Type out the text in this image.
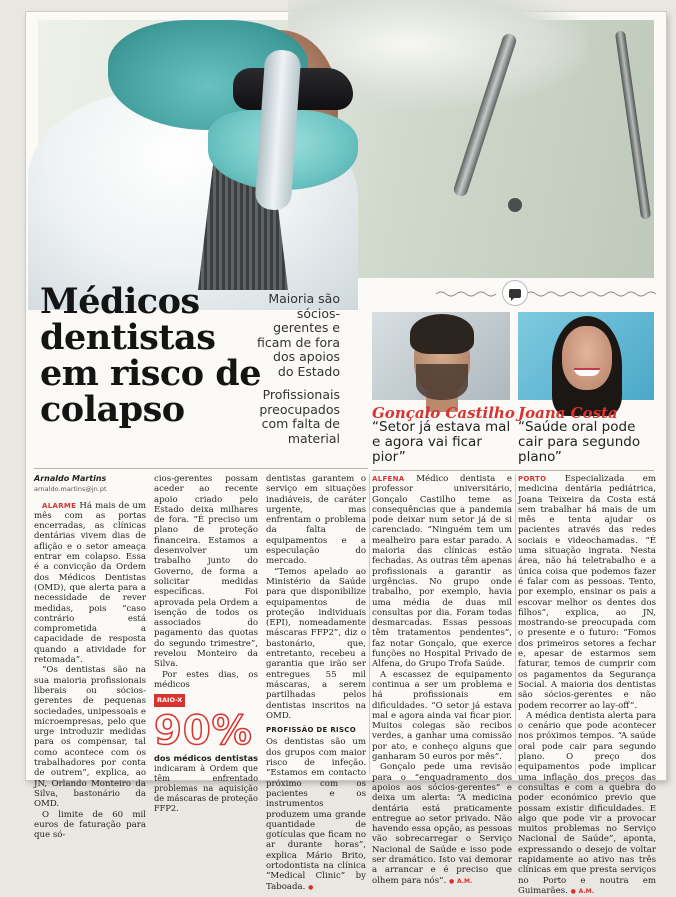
Médicos dentistas em risco de colapso
Maioria são sócios-gerentes e ficam de fora dos apoios do Estado
Profissionais preocupados com falta de material
Gonçalo Castilho
“Setor já estava mal e agora vai ficar pior”
Joana Costa
“Saúde oral pode cair para segundo plano”
Arnaldo Martins
arnaldo.martins@jn.pt

ALARME Há mais de um mês com as portas encerradas, as clínicas dentárias vivem dias de aflição e o setor ameaça entrar em colapso. Essa é a convicção da Ordem dos Médicos Dentistas (OMD), que alerta para a necessidade de rever medidas, pois “caso contrário está comprometida a capacidade de resposta quando a atividade for retomada”.

“Os dentistas são na sua maioria profissionais liberais ou sócios-gerentes de pequenas sociedades, unipessoais e microempresas, pelo que urge introduzir medidas para os compensar, tal como acontece com os trabalhadores por conta de outrem”, explica, ao JN, Orlando Monteiro da Silva, bastonário da OMD.

O limite de 60 mil euros de faturação para que só-

cios-gerentes possam aceder ao recente apoio criado pelo Estado deixa milhares de fora. “É preciso um plano de proteção financeira. Estamos a desenvolver um trabalho junto do Governo, de forma a solicitar medidas específicas. Foi aprovada pela Ordem a isenção de todos os associados do pagamento das quotas do segundo trimestre”, revelou Monteiro da Silva.

Por estes dias, os médicos

RAIO-X
90%
dos médicos dentistas indicaram à Ordem que têm enfrentado problemas na aquisição de máscaras de proteção FFP2.

dentistas garantem o serviço em situações inadiáveis, de caráter urgente, mas enfrentam o problema da falta de equipamentos e a especulação do mercado.

“Temos apelado ao Ministério da Saúde para que disponibilize equipamentos de proteção individuais (EPI), nomeadamente máscaras FFP2”, diz o bastonário, que, entretanto, recebeu a garantia que irão ser entregues 55 mil máscaras, a serem partilhadas pelos dentistas inscritos na OMD.

PROFISSÃO DE RISCO

Os dentistas são um dos grupos com maior risco de infeção. “Estamos em contacto próximo com os pacientes e os instrumentos produzem uma grande quantidade de gotículas que ficam no ar durante horas”, explica Mário Brito, ortodontista na clínica “Medical Clinic” by Taboada. ●

ALFENA Médico dentista e professor universitário, Gonçalo Castilho teme as consequências que a pandemia pode deixar num setor já de si carenciado. “Ninguém tem um mealheiro para estar parado. A maioria das clínicas estão fechadas. As outras têm apenas profissionais a garantir as urgências. No grupo onde trabalho, por exemplo, havia uma média de duas mil consultas por dia. Foram todas desmarcadas. Essas pessoas têm tratamentos pendentes”, faz notar Gonçalo, que exerce funções no Hospital Privado de Alfena, do Grupo Trofa Saúde.

A escassez de equipamento continua a ser um problema e há profissionais em dificuldades. “O setor já estava mal e agora ainda vai ficar pior. Muitos colegas são recibos verdes, a ganhar uma comissão por ato, e conheço alguns que ganharam 50 euros por mês”.

Gonçalo pede uma revisão para o “enquadramento dos apoios aos sócios-gerentes” e deixa um alerta: “A medicina dentária está praticamente entregue ao setor privado. Não havendo essa opção, as pessoas vão sobrecarregar o Serviço Nacional de Saúde e isso pode ser dramático. Isto vai demorar a arrancar e é preciso que olhem para nós”. ● A.M.

PORTO Especializada em medicina dentária pediátrica, Joana Teixeira da Costa está sem trabalhar há mais de um mês e tenta ajudar os pacientes através das redes sociais e videochamadas. “É uma situação ingrata. Nesta área, não há teletrabalho e a única coisa que podemos fazer é falar com as pessoas. Tento, por exemplo, ensinar os pais a escovar melhor os dentes dos filhos”, explica, ao JN, mostrando-se preocupada com o presente e o futuro: “Fomos dos primeiros setores a fechar e, apesar de estarmos sem faturar, temos de cumprir com os pagamentos da Segurança Social. A maioria dos dentistas são sócios-gerentes e não podem recorrer ao lay-off”.

A médica dentista alerta para o cenário que pode acontecer nos próximos tempos. “A saúde oral pode cair para segundo plano. O preço dos equipamentos pode implicar uma inflação dos preços das consultas e com a quebra do poder económico previo que possam existir dificuldades. E algo que pode vir a provocar muitos problemas no Serviço Nacional de Saúde”, aponta, expressando o desejo de voltar rapidamente ao ativo nas três clínicas em que presta serviços no Porto e noutra em Guimarães. ● A.M.
